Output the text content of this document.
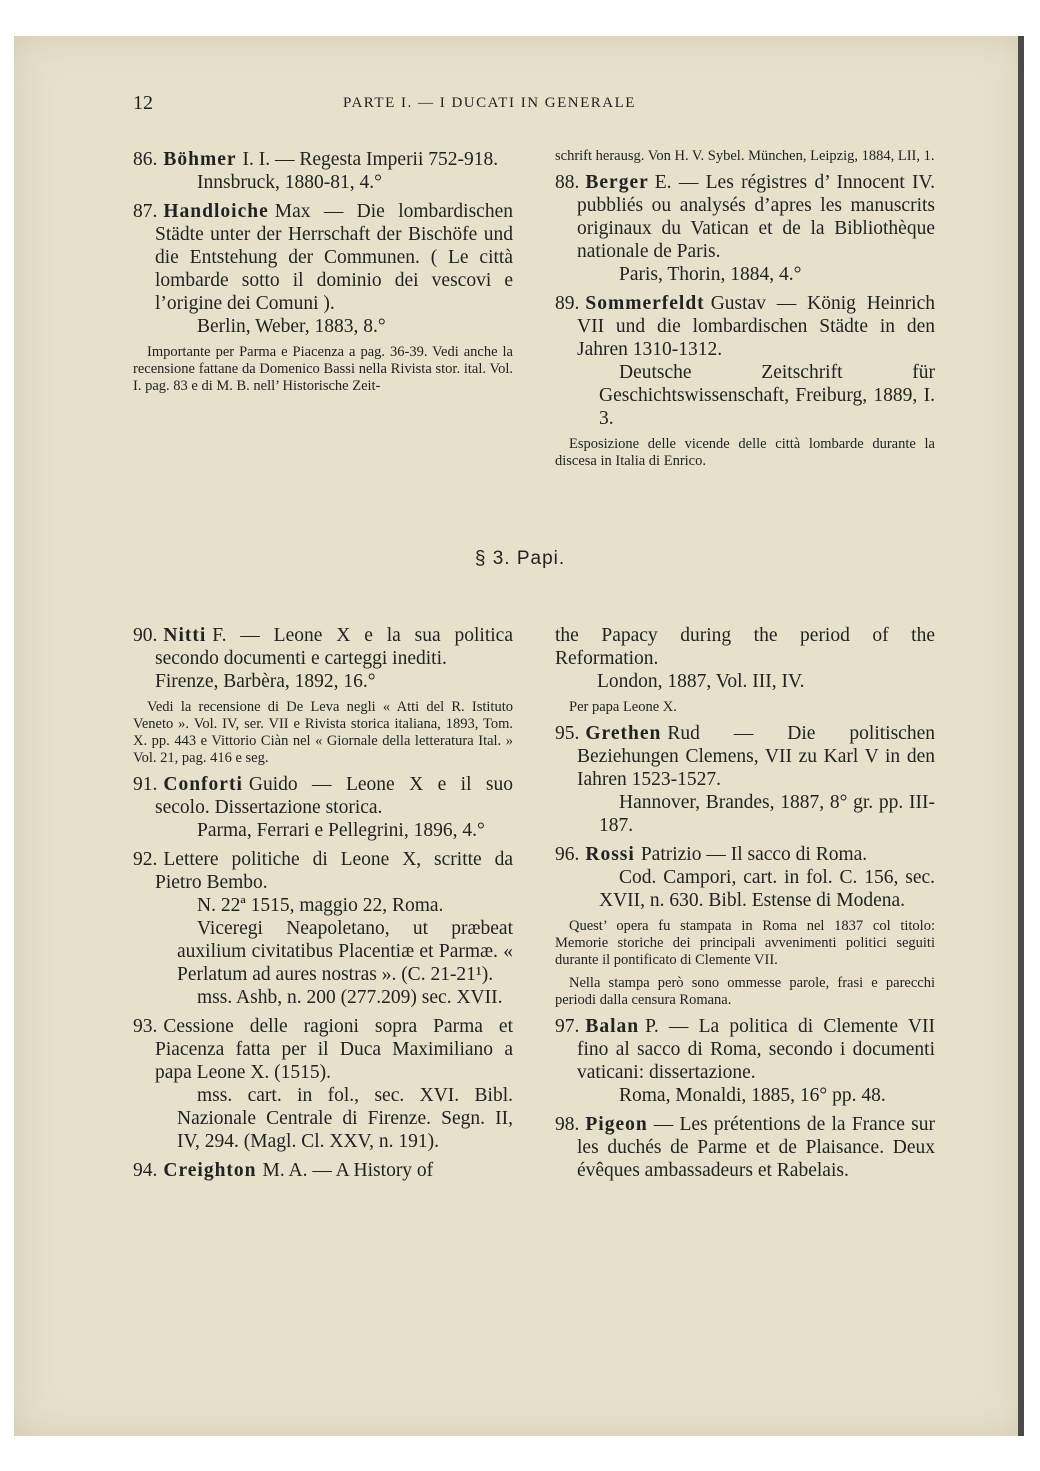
12	PARTE I. — I DUCATI IN GENERALE
86. Böhmer I. I. — Regesta Imperii 752-918.
Innsbruck, 1880-81, 4.°
87. Handloiche Max — Die lombardischen Städte unter der Herrschaft der Bischöfe und die Entstehung der Communen. ( Le città lombarde sotto il dominio dei vescovi e l’origine dei Comuni ).
Berlin, Weber, 1883, 8.°
Importante per Parma e Piacenza a pag. 36-39. Vedi anche la recensione fattane da Domenico Bassi nella Rivista stor. ital. Vol. I. pag. 83 e di M. B. nell’ Historische Zeit-
schrift herausg. Von H. V. Sybel. München, Leipzig, 1884, LII, 1.
88. Berger E. — Les régistres d’ Innocent IV. pubbliés ou analysés d’apres les manuscrits originaux du Vatican et de la Bibliothèque nationale de Paris.
Paris, Thorin, 1884, 4.°
89. Sommerfeldt Gustav — König Heinrich VII und die lombardischen Städte in den Jahren 1310-1312.
Deutsche Zeitschrift für Geschichtswissenschaft, Freiburg, 1889, I. 3.
Esposizione delle vicende delle città lombarde durante la discesa in Italia di Enrico.
§ 3. Papi.
90. Nitti F. — Leone X e la sua politica secondo documenti e carteggi inediti.
Firenze, Barbèra, 1892, 16.°
Vedi la recensione di De Leva negli « Atti del R. Istituto Veneto ». Vol. IV, ser. VII e Rivista storica italiana, 1893, Tom. X. pp. 443 e Vittorio Ciàn nel « Giornale della letteratura Ital. » Vol. 21, pag. 416 e seg.
91. Conforti Guido — Leone X e il suo secolo. Dissertazione storica.
Parma, Ferrari e Pellegrini, 1896, 4.°
92. Lettere politiche di Leone X, scritte da Pietro Bembo.
N. 22ª 1515, maggio 22, Roma.
Viceregi Neapoletano, ut præbeat auxilium civitatibus Placentiæ et Parmæ. « Perlatum ad aures nostras ». (C. 21-21¹).
mss. Ashb, n. 200 (277.209) sec. XVII.
93. Cessione delle ragioni sopra Parma et Piacenza fatta per il Duca Maximiliano a papa Leone X. (1515).
mss. cart. in fol., sec. XVI. Bibl. Nazionale Centrale di Firenze. Segn. II, IV, 294. (Magl. Cl. XXV, n. 191).
94. Creighton M. A. — A History of
the Papacy during the period of the Reformation.
London, 1887, Vol. III, IV.
Per papa Leone X.
95. Grethen Rud — Die politischen Beziehungen Clemens, VII zu Karl V in den Iahren 1523-1527.
Hannover, Brandes, 1887, 8° gr. pp. III-187.
96. Rossi Patrizio — Il sacco di Roma.
Cod. Campori, cart. in fol. C. 156, sec. XVII, n. 630. Bibl. Estense di Modena.
Quest’ opera fu stampata in Roma nel 1837 col titolo: Memorie storiche dei principali avvenimenti politici seguiti durante il pontificato di Clemente VII.
Nella stampa però sono ommesse parole, frasi e parecchi periodi dalla censura Romana.
97. Balan P. — La politica di Clemente VII fino al sacco di Roma, secondo i documenti vaticani: dissertazione.
Roma, Monaldi, 1885, 16° pp. 48.
98. Pigeon — Les prétentions de la France sur les duchés de Parme et de Plaisance. Deux évêques ambassadeurs et Rabelais.
